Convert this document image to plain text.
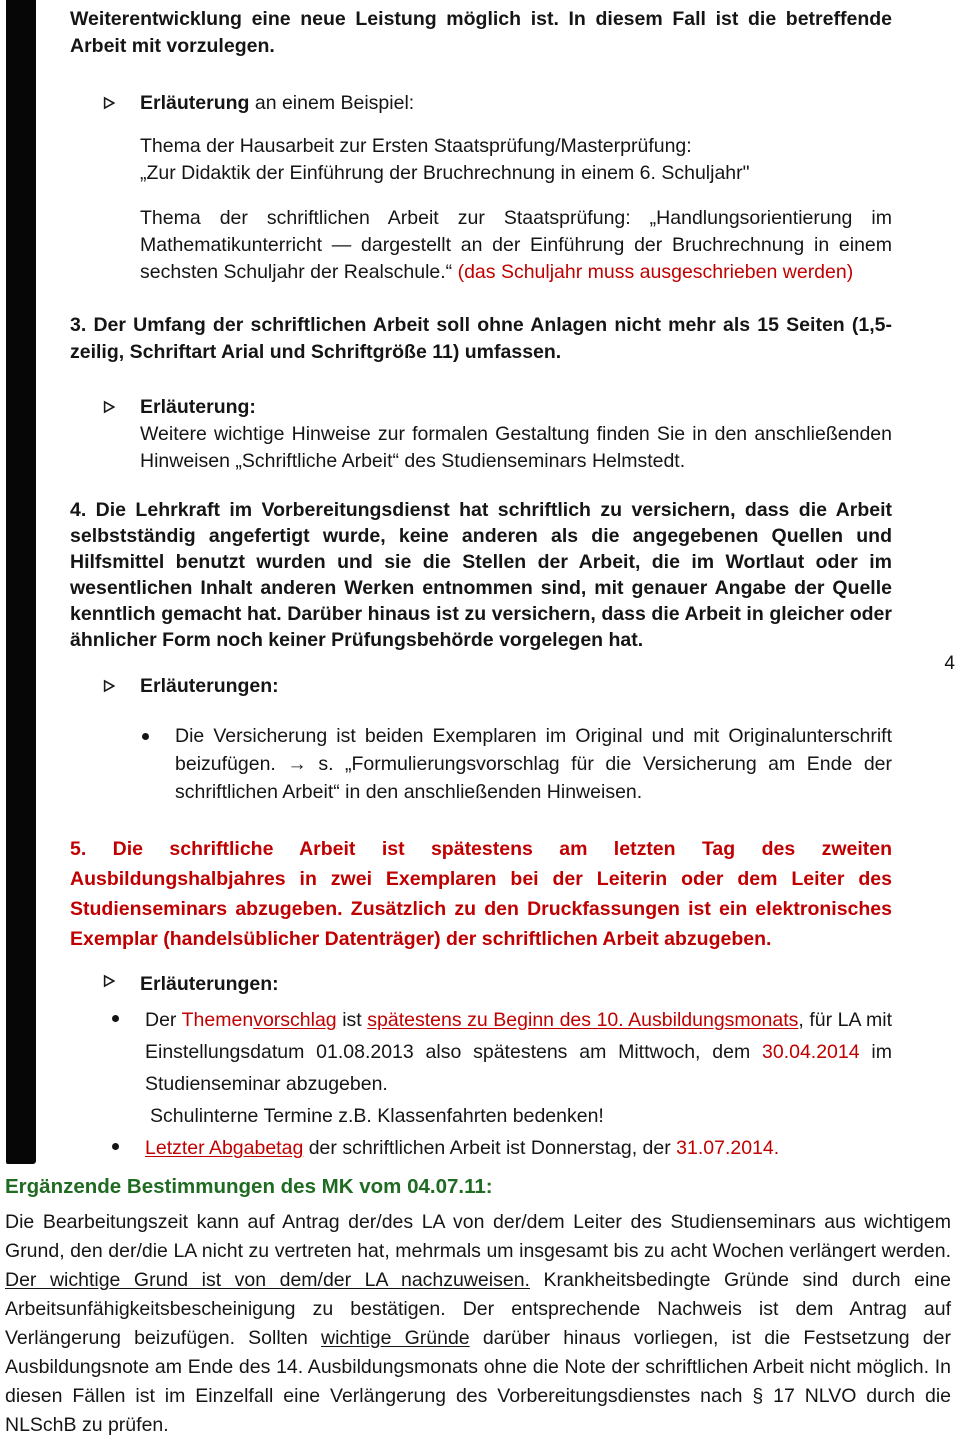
4

Weiterentwicklung eine neue Leistung möglich ist. In diesem Fall ist die betreffende Arbeit mit vorzulegen.

Erläuterung an einem Beispiel:

Thema der Hausarbeit zur Ersten Staatsprüfung/Masterprüfung:

„Zur Didaktik der Einführung der Bruchrechnung in einem 6. Schuljahr"

Thema der schriftlichen Arbeit zur Staatsprüfung: „Handlungsorientierung im Mathematikunterricht — dargestellt an der Einführung der Bruchrechnung in einem sechsten Schuljahr der Realschule.“ (das Schuljahr muss ausgeschrieben werden)

3. Der Umfang der schriftlichen Arbeit soll ohne Anlagen nicht mehr als 15 Seiten (1,5-zeilig, Schriftart Arial und Schriftgröße 11) umfassen.

Erläuterung:

Weitere wichtige Hinweise zur formalen Gestaltung finden Sie in den anschließenden Hinweisen „Schriftliche Arbeit“ des Studienseminars Helmstedt.

4. Die Lehrkraft im Vorbereitungsdienst hat schriftlich zu versichern, dass die Arbeit selbstständig angefertigt wurde, keine anderen als die angegebenen Quellen und Hilfsmittel benutzt wurden und sie die Stellen der Arbeit, die im Wortlaut oder im wesentlichen Inhalt anderen Werken entnommen sind, mit genauer Angabe der Quelle kenntlich gemacht hat. Darüber hinaus ist zu versichern, dass die Arbeit in gleicher oder ähnlicher Form noch keiner Prüfungsbehörde vorgelegen hat.

Erläuterungen:

Die Versicherung ist beiden Exemplaren im Original und mit Originalunterschrift beizufügen. → s. „Formulierungsvorschlag für die Versicherung am Ende der schriftlichen Arbeit“ in den anschließenden Hinweisen.

5. Die schriftliche Arbeit ist spätestens am letzten Tag des zweiten Ausbildungshalbjahres in zwei Exemplaren bei der Leiterin oder dem Leiter des Studienseminars abzugeben. Zusätzlich zu den Druckfassungen ist ein elektronisches Exemplar (handelsüblicher Datenträger) der schriftlichen Arbeit abzugeben.

Erläuterungen:

Der Themenvorschlag ist spätestens zu Beginn des 10. Ausbildungsmonats, für LA mit Einstellungsdatum 01.08.2013 also spätestens am Mittwoch, dem 30.04.2014 im Studienseminar abzugeben.

Schulinterne Termine z.B. Klassenfahrten bedenken!

Letzter Abgabetag der schriftlichen Arbeit ist Donnerstag, der 31.07.2014.

Ergänzende Bestimmungen des MK vom 04.07.11:

Die Bearbeitungszeit kann auf Antrag der/des LA von der/dem Leiter des Studienseminars aus wichtigem Grund, den der/die LA nicht zu vertreten hat, mehrmals um insgesamt bis zu acht Wochen verlängert werden. Der wichtige Grund ist von dem/der LA nachzuweisen. Krankheitsbedingte Gründe sind durch eine Arbeitsunfähigkeitsbescheinigung zu bestätigen. Der entsprechende Nachweis ist dem Antrag auf Verlängerung beizufügen. Sollten wichtige Gründe darüber hinaus vorliegen, ist die Festsetzung der Ausbildungsnote am Ende des 14. Ausbildungsmonats ohne die Note der schriftlichen Arbeit nicht möglich. In diesen Fällen ist im Einzelfall eine Verlängerung des Vorbereitungsdienstes nach § 17 NLVO durch die NLSchB zu prüfen.
